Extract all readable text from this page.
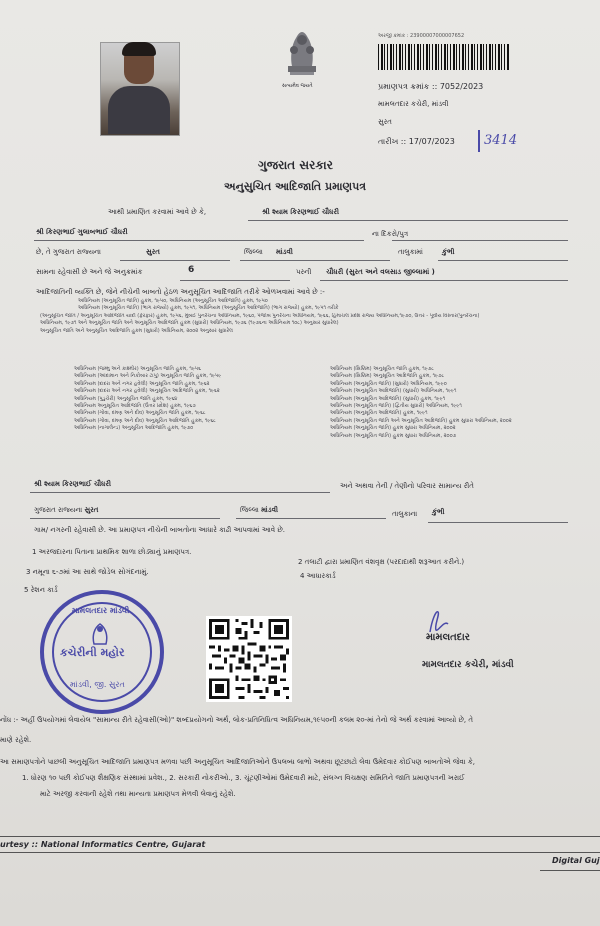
સત્યમેવ જયતે
અરજી ક્રમાંક : 23900007000007652
પ્રમાણપત્ર ક્રમાંક :: 7052/2023
મામલતદાર કચેરી, માંડવી
સુરત
તારીખ :: 17/07/2023 3414
ગુજરાત સરકાર
અનુસુચિત આદિજાતિ પ્રમાણપત્ર
આથી પ્રમાણિત કરવામાં આવે છે કે,	શ્રી શ્યામ કિરણભાઈ ચૌધરી
શ્રી કિરણભાઈ ગુલાબભાઈ ચૌધરી	ના દિકરો/પુત્ર
છે, તે ગુજરાત રાજ્યના	સુરત	જિલ્લા માંડવી	તાલુકામાં	કુંભી
સામના રહેવાસી છે અને જે અનુક્રમાંક	6	પરની ચૌધરી (સુરત અને વલસાડ જીલ્લામાં )
આદિજાતિની વ્યક્તિ છે, જેને નીચેની બાબતો હેઠળ અનુસૂચિત આદિજાતિ તરીકે ઓળખવામાં આવે છે :-
અધિનિયમ (અનુસૂચિત જાતિ) હુકમ, ૧૯૫૦, અધિનિયમ (અનુસૂચિત આદિજાતિ) હુકમ, ૧૯૫૦
અધિનિયમ (અનુસૂચિત જાતિ) (ભાગ રાજ્યો) હુકમ, ૧૯૫૧, અધિનિયમ (અનુસૂચિત આદિજાતિ) (ભાગ રાજ્યો) હુકમ, ૧૯૫૧ તરીકે
(અનુસૂચિત જાતિ / અનુસૂચિત આદિજાતિ યાદી (ફેરફાર) હુકમ, ૧૯૫૬, મુંબઈ પુનર્રચના અધિનિયમ, ૧૯૬૦, પંજાબ પુનર્રચના અધિનિયમ, ૧૯૬૬, હિમાચલ પ્રદેશ રાજ્ય અધિનિયમ,૧૯૭૦, ઉત્તર - પૂર્વીય વિસ્તાર(પુનર્રચના)
અધિનિયમ, ૧૯૭૧ અને અનુસૂચિત જાતિ અને અનુસૂચિત આદિજાતિ હુકમ (સુધારો) અધિનિયમ, ૧૯૭૬ (૧૯૭૬ના અધિનિયમ ૧૦૮) અનુસાર સુધારેલ)
અનુસૂચિત જાતિ અને અનુસૂચિત આદિજાતિ હુકમ (સુધારો) અધિનિયમ, ૨૦૦૨ અનુસાર સુધારેલ
અધિનિયમ (જમ્મુ અને કાશ્મીર) અનુસૂચિત જાતિ હુકમ, ૧૯૫૬
અધિનિયમ (આંદામાન અને નિકોબાર ટાપુ) અનુસૂચિત જાતિ હુકમ, ૧૯૫૯
અધિનિયમ (દાદરા અને નગર હવેલી) અનુસૂચિત જાતિ હુકમ, ૧૯૬૨
અધિનિયમ (દાદરા અને નગર હવેલી) અનુસૂચિત આદિજાતિ હુકમ, ૧૯૬૨
અધિનિયમ (પુડુચેરી) અનુસૂચિત જાતિ હુકમ, ૧૯૬૪
અધિનિયમ અનુસૂચિત આદિજાતિ (ઉત્તર પ્રદેશ) હુકમ, ૧૯૬૭
અધિનિયમ (ગોવા, દમણ અને દીવ) અનુસૂચિત જાતિ હુકમ, ૧૯૬૮
અધિનિયમ (ગોવા, દમણ અને દીવ) અનુસૂચિત આદિજાતિ હુકમ, ૧૯૬૮
અધિનિયમ (નાગાલેન્ડ) અનુસૂચિત આદિજાતિ હુકમ, ૧૯૭૦
અધિનિયમ (સિક્કિમ) અનુસૂચિત જાતિ હુકમ, ૧૯૭૮
અધિનિયમ (સિક્કિમ) અનુસૂચિત આદિજાતિ હુકમ, ૧૯૭૮
અધિનિયમ (અનુસૂચિત જાતિ) (સુધારો) અધિનિયમ, ૧૯૯૦
અધિનિયમ (અનુસૂચિત આદિજાતિ) (સુધારો) અધિનિયમ, ૧૯૯૧
અધિનિયમ (અનુસૂચિત આદિજાતિ) (સુધારો) હુકમ, ૧૯૯૧
અધિનિયમ (અનુસૂચિત જાતિ) (દ્વિતીય સુધારો) અધિનિયમ, ૧૯૯૧
અધિનિયમ (અનુસૂચિત આદિજાતિ) હુકમ, ૧૯૯૧
અધિનિયમ (અનુસૂચિત જાતિ અને અનુસૂચિત આદિજાતિ) હુકમ સુધારા અધિનિયમ, ૨૦૦૨
અધિનિયમ (અનુસૂચિત જાતિ) હુકમ સુધારા અધિનિયમ, ૨૦૦૨
અધિનિયમ (અનુસૂચિત જાતિ) હુકમ સુધારા અધિનિયમ, ૨૦૦૭
શ્રી શ્યામ કિરણભાઈ ચૌધરી	અને અથવા તેની / તેણીનો પરિવાર સામાન્ય રીતે
ગુજરાત રાજ્યના સુરત	જિલ્લા માંડવી	તાલુકાના કુંભી
ગામ/ નગરની રહેવાસી છે. આ પ્રમાણપત્ર નીચેની બાબતોના આધારે કાઢી આપવામાં આવે છે.
1 અરજદારના પિતાના પ્રાથમિક શાળા છોડ્યાનું પ્રમાણપત્ર.
2 તલાટી દ્વારા પ્રમાણિત વંશવૃક્ષ (પરદાદાથી શરૂઆત કરીને.)
3 નમૂના ૬-૭માં આ સાથે જોડેલ સોગંદનામું.	4 આધારકાર્ડ
5 રેશન કાર્ડ
મામલતદાર માંડવી
કચેરીની મહોર
માંડવી, જી. સુરત
મામલતદાર
મામલતદાર કચેરી, માંડવી
નોંધ :- અહીં ઉપયોગમાં લેવાયેલ "સામાન્ય રીતે રહેવાસી(ઓ)" શબ્દપ્રયોગનો અર્થ, લોક-પ્રતિનિધિત્વ અધિનિયમ,૧૯૫૦ની કલમ ૨૦-માં તેનો જે અર્થ કરવામાં આવ્યો છે, તે
માણે રહેશે.
આ સમાણપત્રોને પાછલી અનુસૂચિત આદિજાતિ પ્રમાણપત્ર મળવા પછી અનુસૂચિત આદિજાતિઓને ઉપલબ્ધ લાભો અથવા છૂટછાટો લેવા ઉમેદવાર કોઈપણ બાબતોએ જેવા કે,
1. ધોરણ ૧૦ પછી કોઈપણ શૈક્ષણિક સંસ્થામાં પ્રવેશ., 2. સરકારી નોકરીઓ., 3. ચૂંટણીઓમાં ઉમેદવારી માટે, સંલગ્ન વિચક્ષણ સમિતિને જાતિ પ્રમાણપત્રની ખરાઈ
માટે અરજી કરવાની રહેશે તથા માન્યતા પ્રમાણપત્ર મેળવી લેવાનું રહેશે.
urtesy :: National Informatics Centre, Gujarat
Digital Guj
